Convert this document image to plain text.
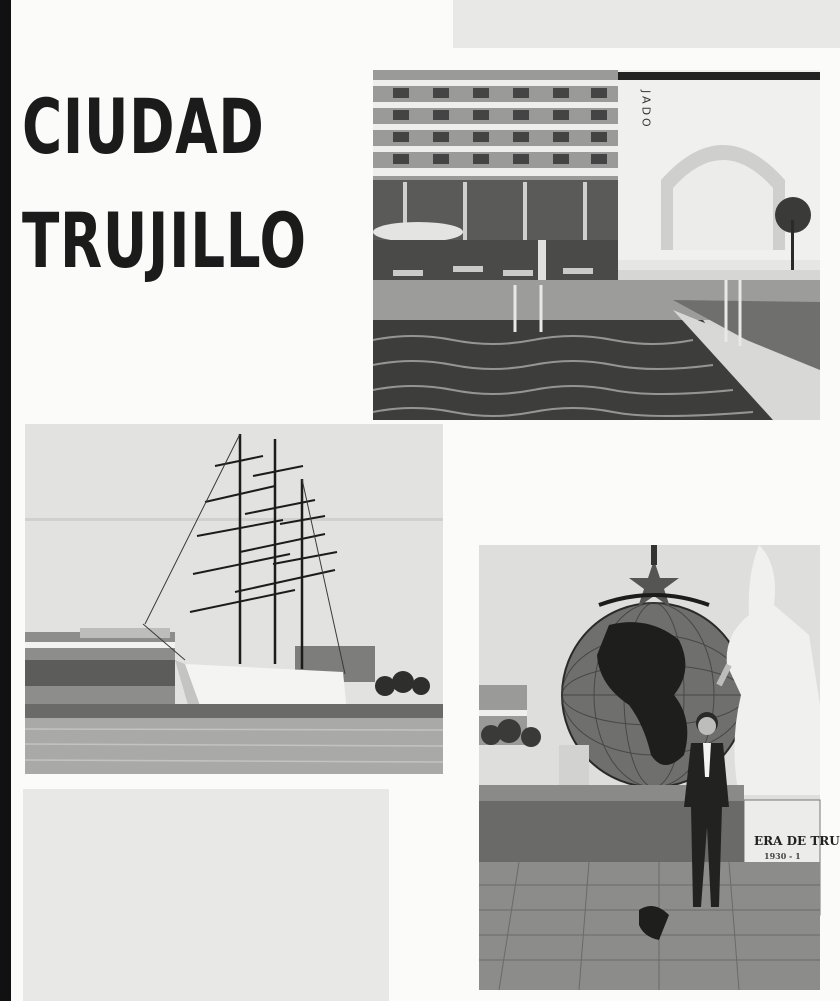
CIUDAD
TRUJILLO
JADO
ERA DE TRU
1930 - 1
